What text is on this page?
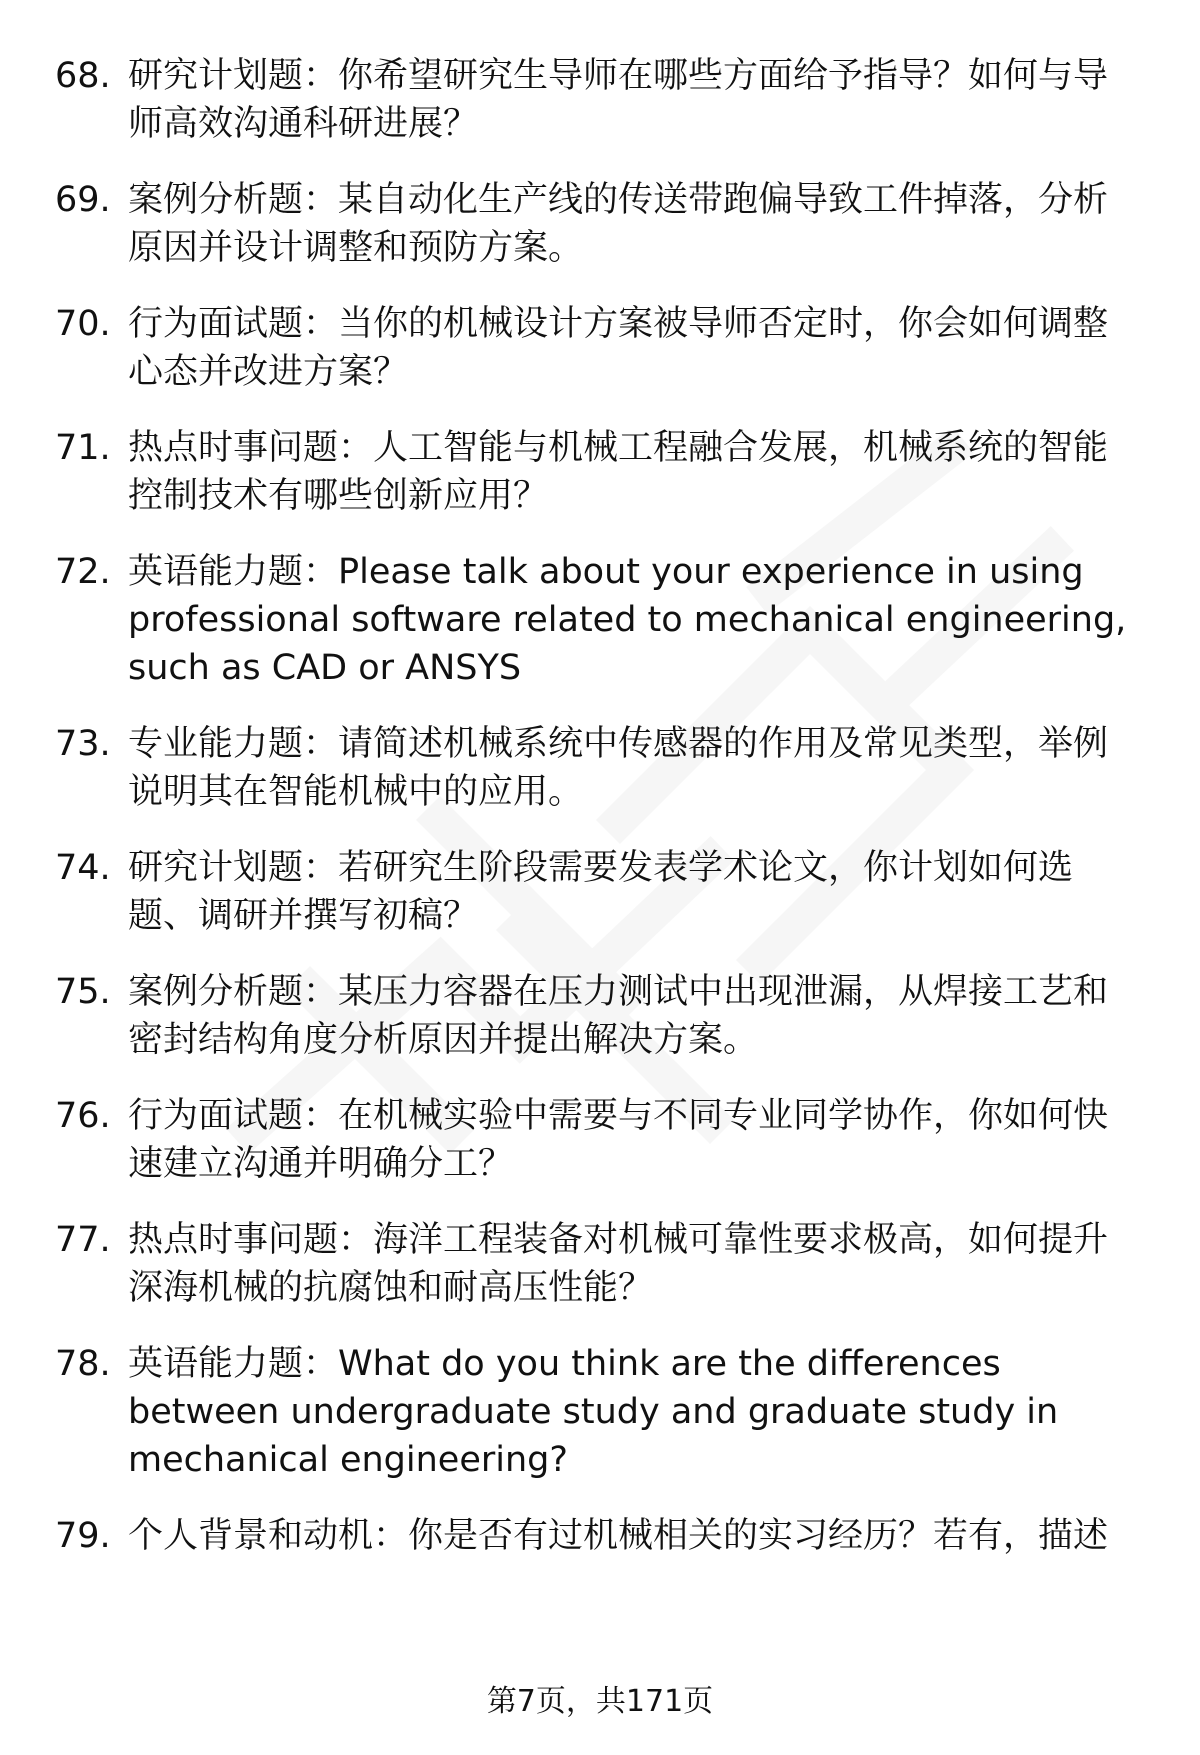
68. 研究计划题：你希望研究生导师在哪些方面给予指导？如何与导师高效沟通科研进展？
69. 案例分析题：某自动化生产线的传送带跑偏导致工件掉落，分析原因并设计调整和预防方案。
70. 行为面试题：当你的机械设计方案被导师否定时，你会如何调整心态并改进方案？
71. 热点时事问题：人工智能与机械工程融合发展，机械系统的智能控制技术有哪些创新应用？
72. 英语能力题：Please talk about your experience in using professional software related to mechanical engineering, such as CAD or ANSYS
73. 专业能力题：请简述机械系统中传感器的作用及常见类型，举例说明其在智能机械中的应用。
74. 研究计划题：若研究生阶段需要发表学术论文，你计划如何选题、调研并撰写初稿？
75. 案例分析题：某压力容器在压力测试中出现泄漏，从焊接工艺和密封结构角度分析原因并提出解决方案。
76. 行为面试题：在机械实验中需要与不同专业同学协作，你如何快速建立沟通并明确分工？
77. 热点时事问题：海洋工程装备对机械可靠性要求极高，如何提升深海机械的抗腐蚀和耐高压性能？
78. 英语能力题：What do you think are the differences between undergraduate study and graduate study in mechanical engineering?
79. 个人背景和动机：你是否有过机械相关的实习经历？若有，描述
第7页，共171页
